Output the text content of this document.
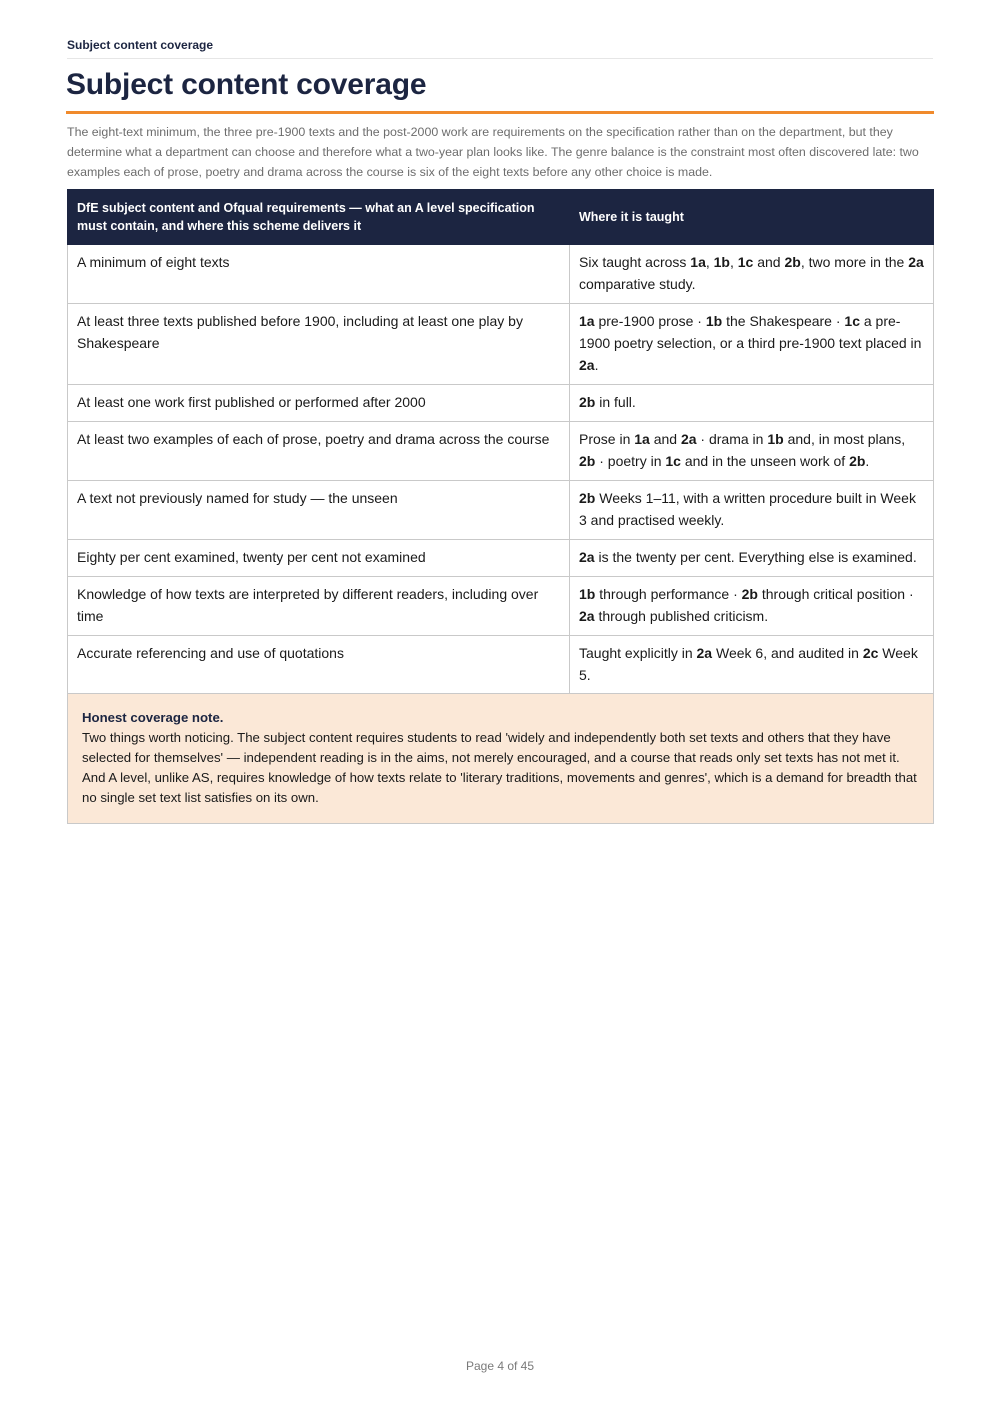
Subject content coverage
Subject content coverage

The eight-text minimum, the three pre-1900 texts and the post-2000 work are requirements on the specification rather than on the department, but they determine what a department can choose and therefore what a two-year plan looks like. The genre balance is the constraint most often discovered late: two examples each of prose, poetry and drama across the course is six of the eight texts before any other choice is made.

DfE subject content and Ofqual requirements — what an A level specification must contain, and where this scheme delivers it	Where it is taught
A minimum of eight texts	Six taught across 1a, 1b, 1c and 2b, two more in the 2a comparative study.
At least three texts published before 1900, including at least one play by Shakespeare	1a pre-1900 prose · 1b the Shakespeare · 1c a pre-1900 poetry selection, or a third pre-1900 text placed in 2a.
At least one work first published or performed after 2000	2b in full.
At least two examples of each of prose, poetry and drama across the course	Prose in 1a and 2a · drama in 1b and, in most plans, 2b · poetry in 1c and in the unseen work of 2b.
A text not previously named for study — the unseen	2b Weeks 1–11, with a written procedure built in Week 3 and practised weekly.
Eighty per cent examined, twenty per cent not examined	2a is the twenty per cent. Everything else is examined.
Knowledge of how texts are interpreted by different readers, including over time	1b through performance · 2b through critical position · 2a through published criticism.
Accurate referencing and use of quotations	Taught explicitly in 2a Week 6, and audited in 2c Week 5.
Honest coverage note.
Two things worth noticing. The subject content requires students to read 'widely and independently both set texts and others that they have selected for themselves' — independent reading is in the aims, not merely encouraged, and a course that reads only set texts has not met it. And A level, unlike AS, requires knowledge of how texts relate to 'literary traditions, movements and genres', which is a demand for breadth that no single set text list satisfies on its own.
Page 4 of 45
